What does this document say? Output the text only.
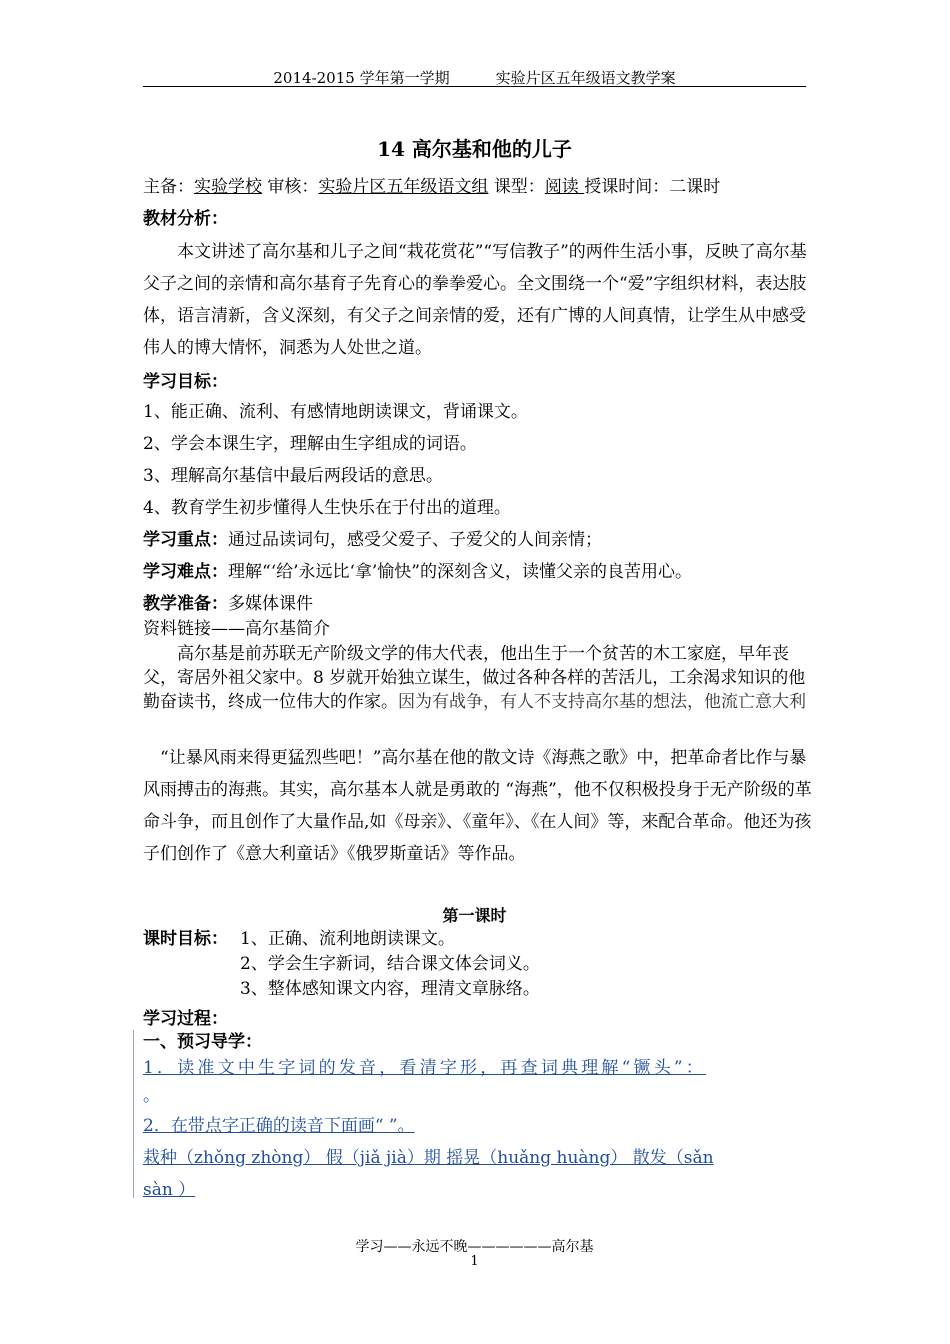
2014-2015 学年第一学期	实验片区五年级语文教学案
14 高尔基和他的儿子
主备：实验学校 审核：实验片区五年级语文组 课型：阅读 授课时间：二课时
教材分析：
本文讲述了高尔基和儿子之间“栽花赏花”“写信教子”的两件生活小事，反映了高尔基父子之间的亲情和高尔基育子先育心的拳拳爱心。全文围绕一个“爱”字组织材料，表达肢体，语言清新，含义深刻，有父子之间亲情的爱，还有广博的人间真情，让学生从中感受伟人的博大情怀，洞悉为人处世之道。
学习目标：
1、能正确、流利、有感情地朗读课文，背诵课文。
2、学会本课生字，理解由生字组成的词语。
3、理解高尔基信中最后两段话的意思。
4、教育学生初步懂得人生快乐在于付出的道理。
学习重点：通过品读词句，感受父爱子、子爱父的人间亲情；
学习难点：理解“‘给’永远比‘拿’愉快”的深刻含义，读懂父亲的良苦用心。
教学准备：多媒体课件
资料链接——高尔基简介
高尔基是前苏联无产阶级文学的伟大代表，他出生于一个贫苦的木工家庭，早年丧父，寄居外祖父家中。8 岁就开始独立谋生，做过各种各样的苦活儿，工余渴求知识的他勤奋读书，终成一位伟大的作家。因为有战争，有人不支持高尔基的想法，他流亡意大利
“让暴风雨来得更猛烈些吧！”高尔基在他的散文诗《海燕之歌》中，把革命者比作与暴风雨搏击的海燕。其实，高尔基本人就是勇敢的 “海燕”，他不仅积极投身于无产阶级的革命斗争，而且创作了大量作品,如《母亲》、《童年》、《在人间》等，来配合革命。他还为孩子们创作了《意大利童话》《俄罗斯童话》等作品。
第一课时
课时目标： 1、正确、流利地朗读课文。
2、学会生字新词，结合课文体会词义。
3、整体感知课文内容，理清文章脉络。
学习过程：
一、预习导学：
1．读准文中生字词的发音，看清字形，再查词典理解“镢头”：
。
2．在带点字正确的读音下面画“ ”。
栽种（zhǒng zhòng） 假（jiǎ jià）期 摇晃（huǎng huàng） 散发（sǎn
sàn ）
学习——永远不晚——————高尔基
1
